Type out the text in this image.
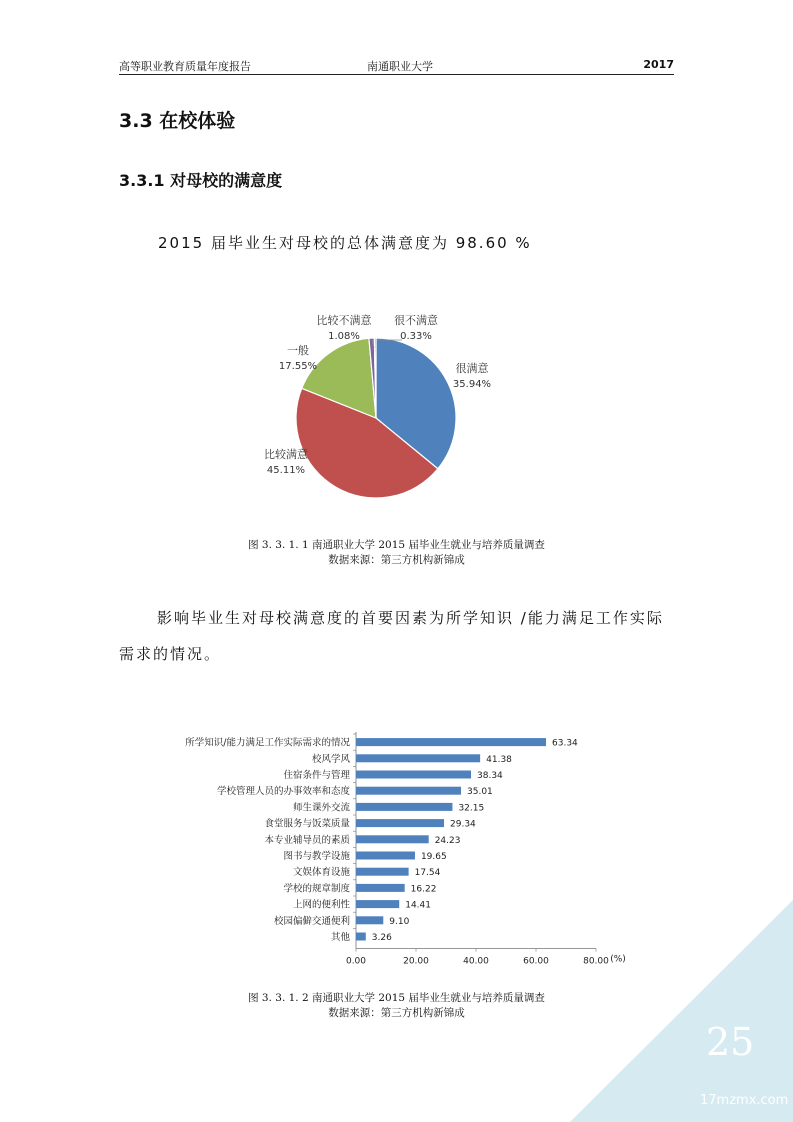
高等职业教育质量年度报告	南通职业大学	2017
3.3 在校体验
3.3.1 对母校的满意度
2015 届毕业生对母校的总体满意度为 98.60 %
很满意
35.94%
比较满意
45.11%
一般
17.55%
比较不满意
1.08%
很不满意
0.33%
图 3. 3. 1. 1 南通职业大学 2015 届毕业生就业与培养质量调查
数据来源：第三方机构新锦成
影响毕业生对母校满意度的首要因素为所学知识 /能力满足工作实际需求的情况。
所学知识/能力满足工作实际需求的情况	63.34
校风学风	41.38
住宿条件与管理	38.34
学校管理人员的办事效率和态度	35.01
师生课外交流	32.15
食堂服务与饭菜质量	29.34
本专业辅导员的素质	24.23
图书与教学设施	19.65
文娱体育设施	17.54
学校的规章制度	16.22
上网的便利性	14.41
校园偏僻交通便利	9.10
其他 3.26
0.00	20.00	40.00	60.00	80.00 (%)
图 3. 3. 1. 2 南通职业大学 2015 届毕业生就业与培养质量调查
数据来源：第三方机构新锦成
25
17mzmx.com
